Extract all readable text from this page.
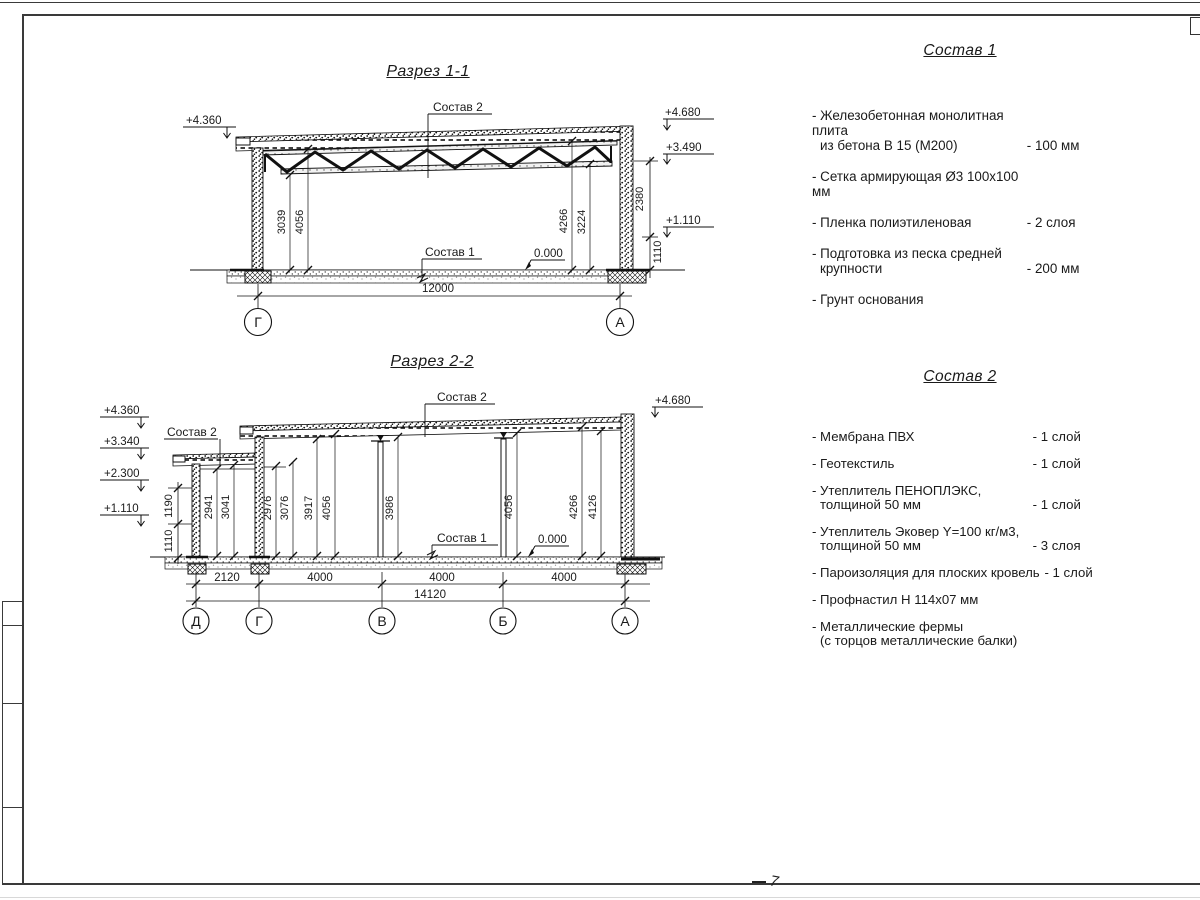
7
Разрез 1-1
Разрез 2-2
3039 4056	4266 3224
2380
1110
+4.360
+4.680
+3.490
+1.110
Состав 2
Состав 1	0.000
12000
Г	А
1190
1110
2941 3041	2976 3076 3917 4056	3986	4056	4266 4126
+4.360
+3.340
+2.300
+1.110
+4.680
Состав 2
Состав 2
Состав 1	0.000
2120	4000	4000	4000
14120
Д	Г	В	Б	А
Состав 1
- Железобетонная монолитная плита
из бетона В 15 (М200)	- 100 мм
- Сетка армирующая Ø3 100х100 мм
- Пленка полиэтиленовая	- 2 слоя
- Подготовка из песка средней
крупности	- 200 мм
- Грунт основания
Состав 2
- Мембрана ПВХ	- 1 слой
- Геотекстиль	- 1 слой
- Утеплитель ПЕНОПЛЭКС,
толщиной 50 мм	- 1 слой
- Утеплитель Эковер Y=100 кг/м3,
толщиной 50 мм	- 3 слоя
- Пароизоляция для плоских кровель - 1 слой
- Профнастил Н 114х07 мм
- Металлические фермы
(с торцов металлические балки)
